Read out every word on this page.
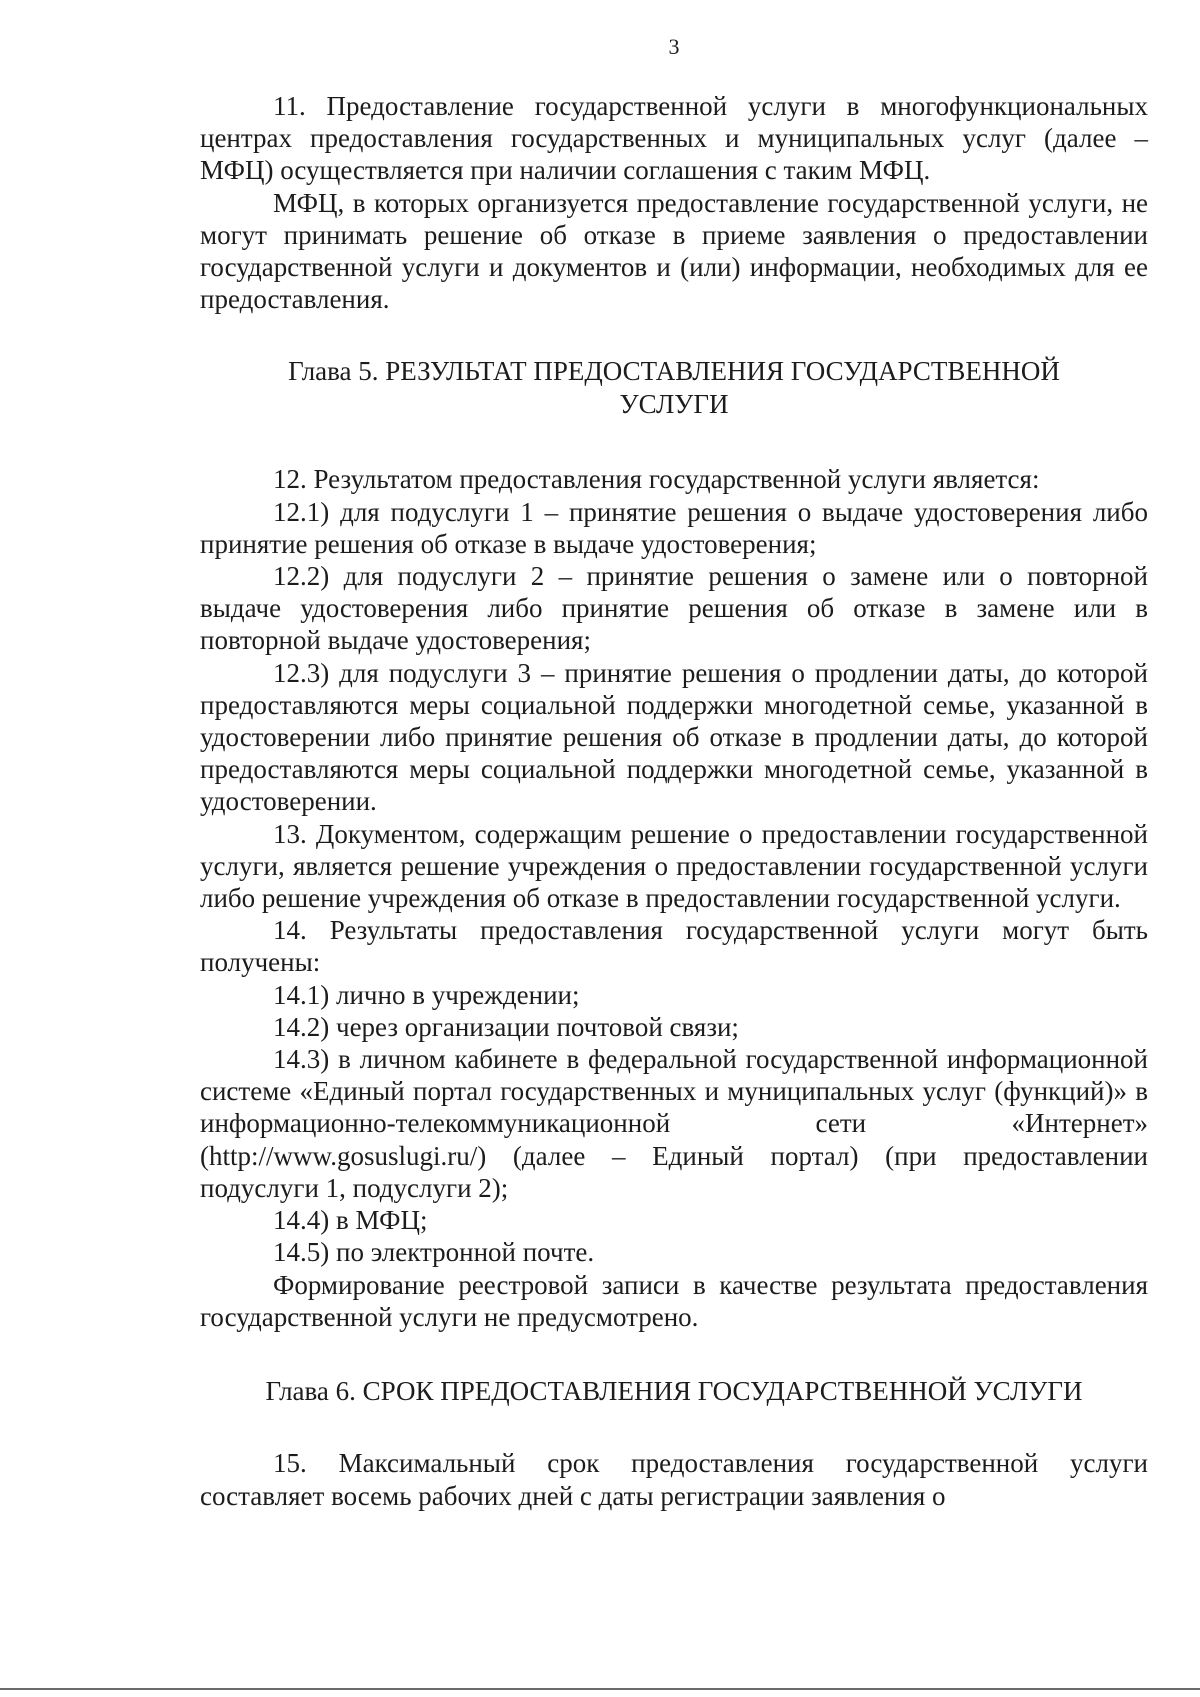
3

11. Предоставление государственной услуги в многофункциональных центрах предоставления государственных и муниципальных услуг (далее – МФЦ) осуществляется при наличии соглашения с таким МФЦ.

МФЦ, в которых организуется предоставление государственной услуги, не могут принимать решение об отказе в приеме заявления о предоставлении государственной услуги и документов и (или) информации, необходимых для ее предоставления.

Глава 5. РЕЗУЛЬТАТ ПРЕДОСТАВЛЕНИЯ ГОСУДАРСТВЕННОЙ
УСЛУГИ

12. Результатом предоставления государственной услуги является:

12.1) для подуслуги 1 – принятие решения о выдаче удостоверения либо принятие решения об отказе в выдаче удостоверения;

12.2) для подуслуги 2 – принятие решения о замене или о повторной выдаче удостоверения либо принятие решения об отказе в замене или в повторной выдаче удостоверения;

12.3) для подуслуги 3 – принятие решения о продлении даты, до которой предоставляются меры социальной поддержки многодетной семье, указанной в удостоверении либо принятие решения об отказе в продлении даты, до которой предоставляются меры социальной поддержки многодетной семье, указанной в удостоверении.

13. Документом, содержащим решение о предоставлении государственной услуги, является решение учреждения о предоставлении государственной услуги либо решение учреждения об отказе в предоставлении государственной услуги.

14. Результаты предоставления государственной услуги могут быть получены:

14.1) лично в учреждении;

14.2) через организации почтовой связи;

14.3) в личном кабинете в федеральной государственной информационной системе «Единый портал государственных и муниципальных услуг (функций)» в информационно-телекоммуникационной сети «Интернет» (http://www.gosuslugi.ru/) (далее – Единый портал) (при предоставлении подуслуги 1, подуслуги 2);

14.4) в МФЦ;

14.5) по электронной почте.

Формирование реестровой записи в качестве результата предоставления государственной услуги не предусмотрено.

Глава 6. СРОК ПРЕДОСТАВЛЕНИЯ ГОСУДАРСТВЕННОЙ УСЛУГИ

15. Максимальный срок предоставления государственной услуги составляет восемь рабочих дней с даты регистрации заявления о
